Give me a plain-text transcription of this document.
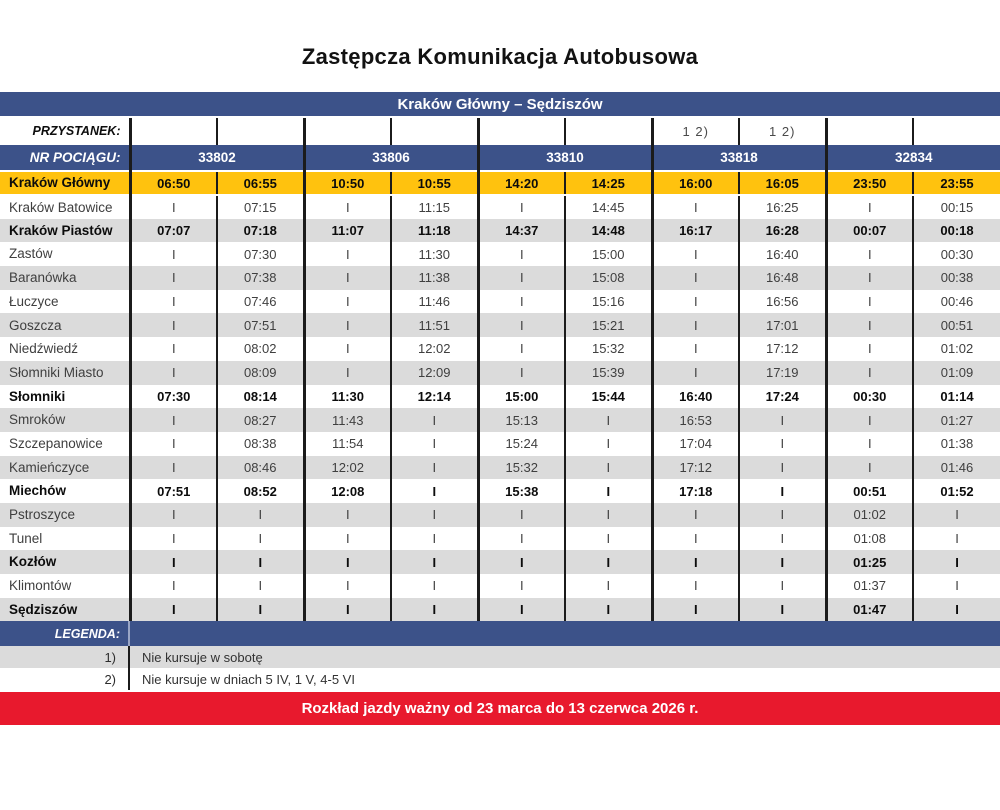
Zastępcza Komunikacja Autobusowa
Kraków Główny – Sędziszów
PRZYSTANEK:							1 2)	1 2)		
NR POCIĄGU:	33802		33806		33810		33818		32834	
Kraków Główny	06:50	06:55	10:50	10:55	14:20	14:25	16:00	16:05	23:50	23:55
Kraków Batowice	I	07:15	I	11:15	I	14:45	I	16:25	I	00:15
Kraków Piastów	07:07	07:18	11:07	11:18	14:37	14:48	16:17	16:28	00:07	00:18
Zastów	I	07:30	I	11:30	I	15:00	I	16:40	I	00:30
Baranówka	I	07:38	I	11:38	I	15:08	I	16:48	I	00:38
Łuczyce	I	07:46	I	11:46	I	15:16	I	16:56	I	00:46
Goszcza	I	07:51	I	11:51	I	15:21	I	17:01	I	00:51
Niedźwiedź	I	08:02	I	12:02	I	15:32	I	17:12	I	01:02
Słomniki Miasto	I	08:09	I	12:09	I	15:39	I	17:19	I	01:09
Słomniki	07:30	08:14	11:30	12:14	15:00	15:44	16:40	17:24	00:30	01:14
Smroków	I	08:27	11:43	I	15:13	I	16:53	I	I	01:27
Szczepanowice	I	08:38	11:54	I	15:24	I	17:04	I	I	01:38
Kamieńczyce	I	08:46	12:02	I	15:32	I	17:12	I	I	01:46
Miechów	07:51	08:52	12:08	I	15:38	I	17:18	I	00:51	01:52
Pstroszyce	I	I	I	I	I	I	I	I	01:02	I
Tunel	I	I	I	I	I	I	I	I	01:08	I
Kozłów	I	I	I	I	I	I	I	I	01:25	I
Klimontów	I	I	I	I	I	I	I	I	01:37	I
Sędziszów	I	I	I	I	I	I	I	I	01:47	I
LEGENDA:
1)	Nie kursuje w sobotę
2)	Nie kursuje w dniach 5 IV, 1 V, 4-5 VI
Rozkład jazdy ważny od 23 marca do 13 czerwca 2026 r.
